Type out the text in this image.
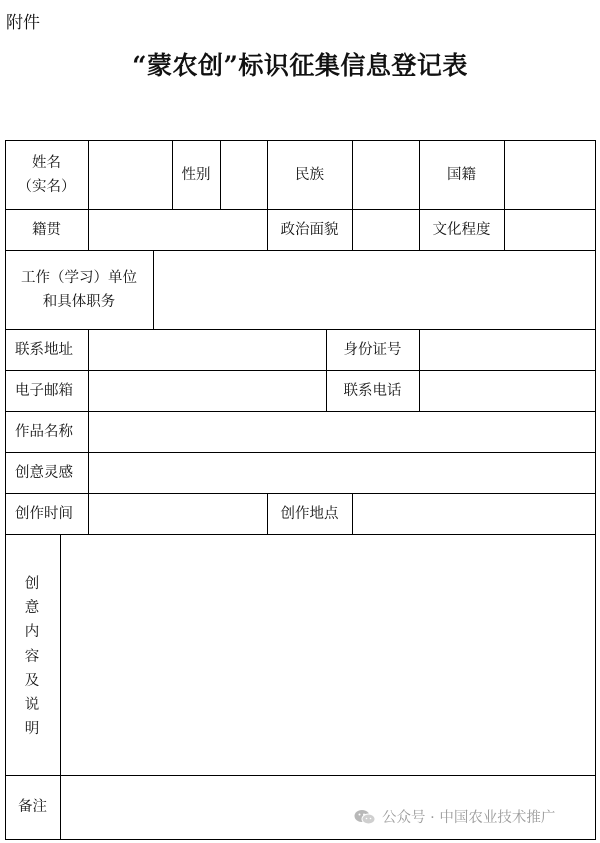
附件
“蒙农创”标识征集信息登记表
姓名
（实名）
性别	民族	国籍
籍贯	政治面貌	文化程度
工作（学习）单位
和具体职务
联系地址	身份证号
电子邮箱	联系电话
作品名称
创意灵感
创作时间	创作地点
创
意
内
容
及
说
明
备注
公众号 · 中国农业技术推广
